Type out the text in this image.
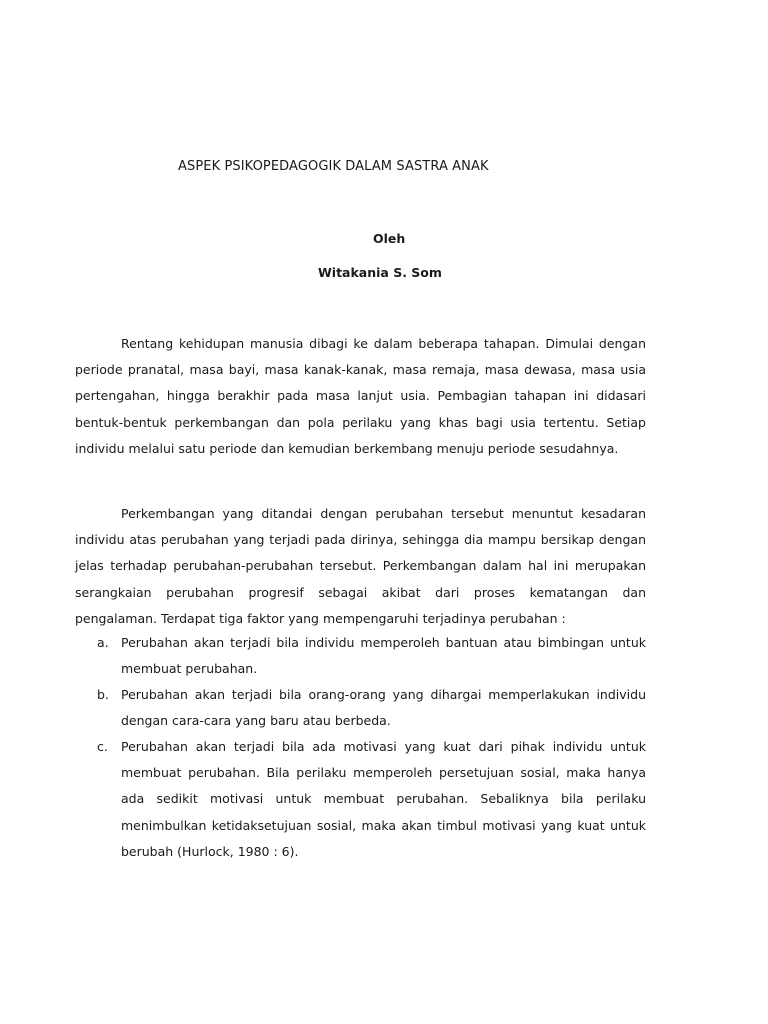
ASPEK PSIKOPEDAGOGIK DALAM SASTRA ANAK
Oleh
Witakania S. Som

Rentang kehidupan manusia dibagi ke dalam beberapa tahapan. Dimulai dengan periode pranatal, masa bayi, masa kanak-kanak, masa remaja, masa dewasa, masa usia pertengahan, hingga berakhir pada masa lanjut usia. Pembagian tahapan ini didasari bentuk-bentuk perkembangan dan pola perilaku yang khas bagi usia tertentu. Setiap individu melalui satu periode dan kemudian berkembang menuju periode sesudahnya.

Perkembangan yang ditandai dengan perubahan tersebut menuntut kesadaran individu atas perubahan yang terjadi pada dirinya, sehingga dia mampu bersikap dengan jelas terhadap perubahan-perubahan tersebut. Perkembangan dalam hal ini merupakan serangkaian perubahan progresif sebagai akibat dari proses kematangan dan pengalaman. Terdapat tiga faktor yang mempengaruhi terjadinya perubahan :

a. Perubahan akan terjadi bila individu memperoleh bantuan atau bimbingan untuk membuat perubahan.
b. Perubahan akan terjadi bila orang-orang yang dihargai memperlakukan individu dengan cara-cara yang baru atau berbeda.
c. Perubahan akan terjadi bila ada motivasi yang kuat dari pihak individu untuk membuat perubahan. Bila perilaku memperoleh persetujuan sosial, maka hanya ada sedikit motivasi untuk membuat perubahan. Sebaliknya bila perilaku menimbulkan ketidaksetujuan sosial, maka akan timbul motivasi yang kuat untuk berubah (Hurlock, 1980 : 6).
